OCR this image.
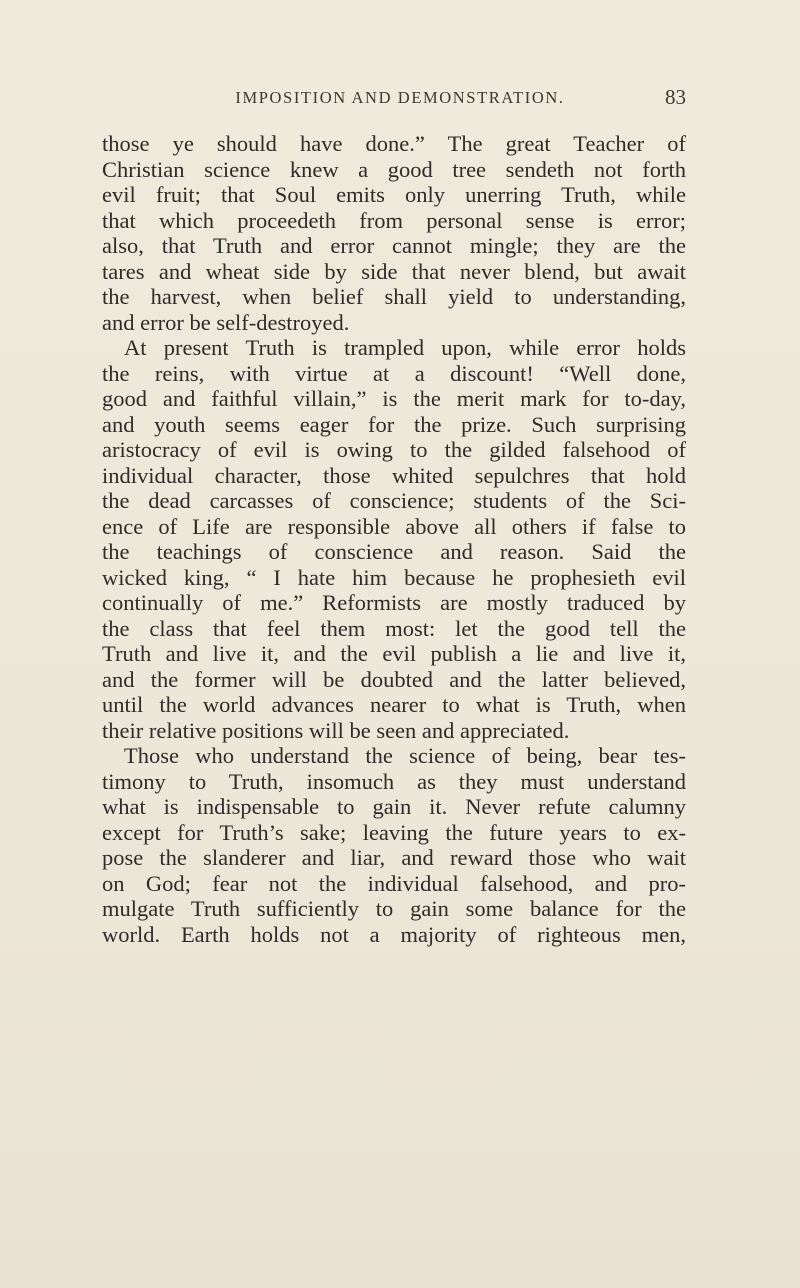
IMPOSITION AND DEMONSTRATION.	83
those ye should have done.” The great Teacher of
Christian science knew a good tree sendeth not forth
evil fruit; that Soul emits only unerring Truth, while
that which proceedeth from personal sense is error;
also, that Truth and error cannot mingle; they are the
tares and wheat side by side that never blend, but await
the harvest, when belief shall yield to understanding,
and error be self-destroyed.
At present Truth is trampled upon, while error holds
the reins, with virtue at a discount! “Well done,
good and faithful villain,” is the merit mark for to-day,
and youth seems eager for the prize. Such surprising
aristocracy of evil is owing to the gilded falsehood of
individual character, those whited sepulchres that hold
the dead carcasses of conscience; students of the Sci-
ence of Life are responsible above all others if false to
the teachings of conscience and reason. Said the
wicked king, “ I hate him because he prophesieth evil
continually of me.” Reformists are mostly traduced by
the class that feel them most: let the good tell the
Truth and live it, and the evil publish a lie and live it,
and the former will be doubted and the latter believed,
until the world advances nearer to what is Truth, when
their relative positions will be seen and appreciated.
Those who understand the science of being, bear tes-
timony to Truth, insomuch as they must understand
what is indispensable to gain it. Never refute calumny
except for Truth’s sake; leaving the future years to ex-
pose the slanderer and liar, and reward those who wait
on God; fear not the individual falsehood, and pro-
mulgate Truth sufficiently to gain some balance for the
world. Earth holds not a majority of righteous men,
